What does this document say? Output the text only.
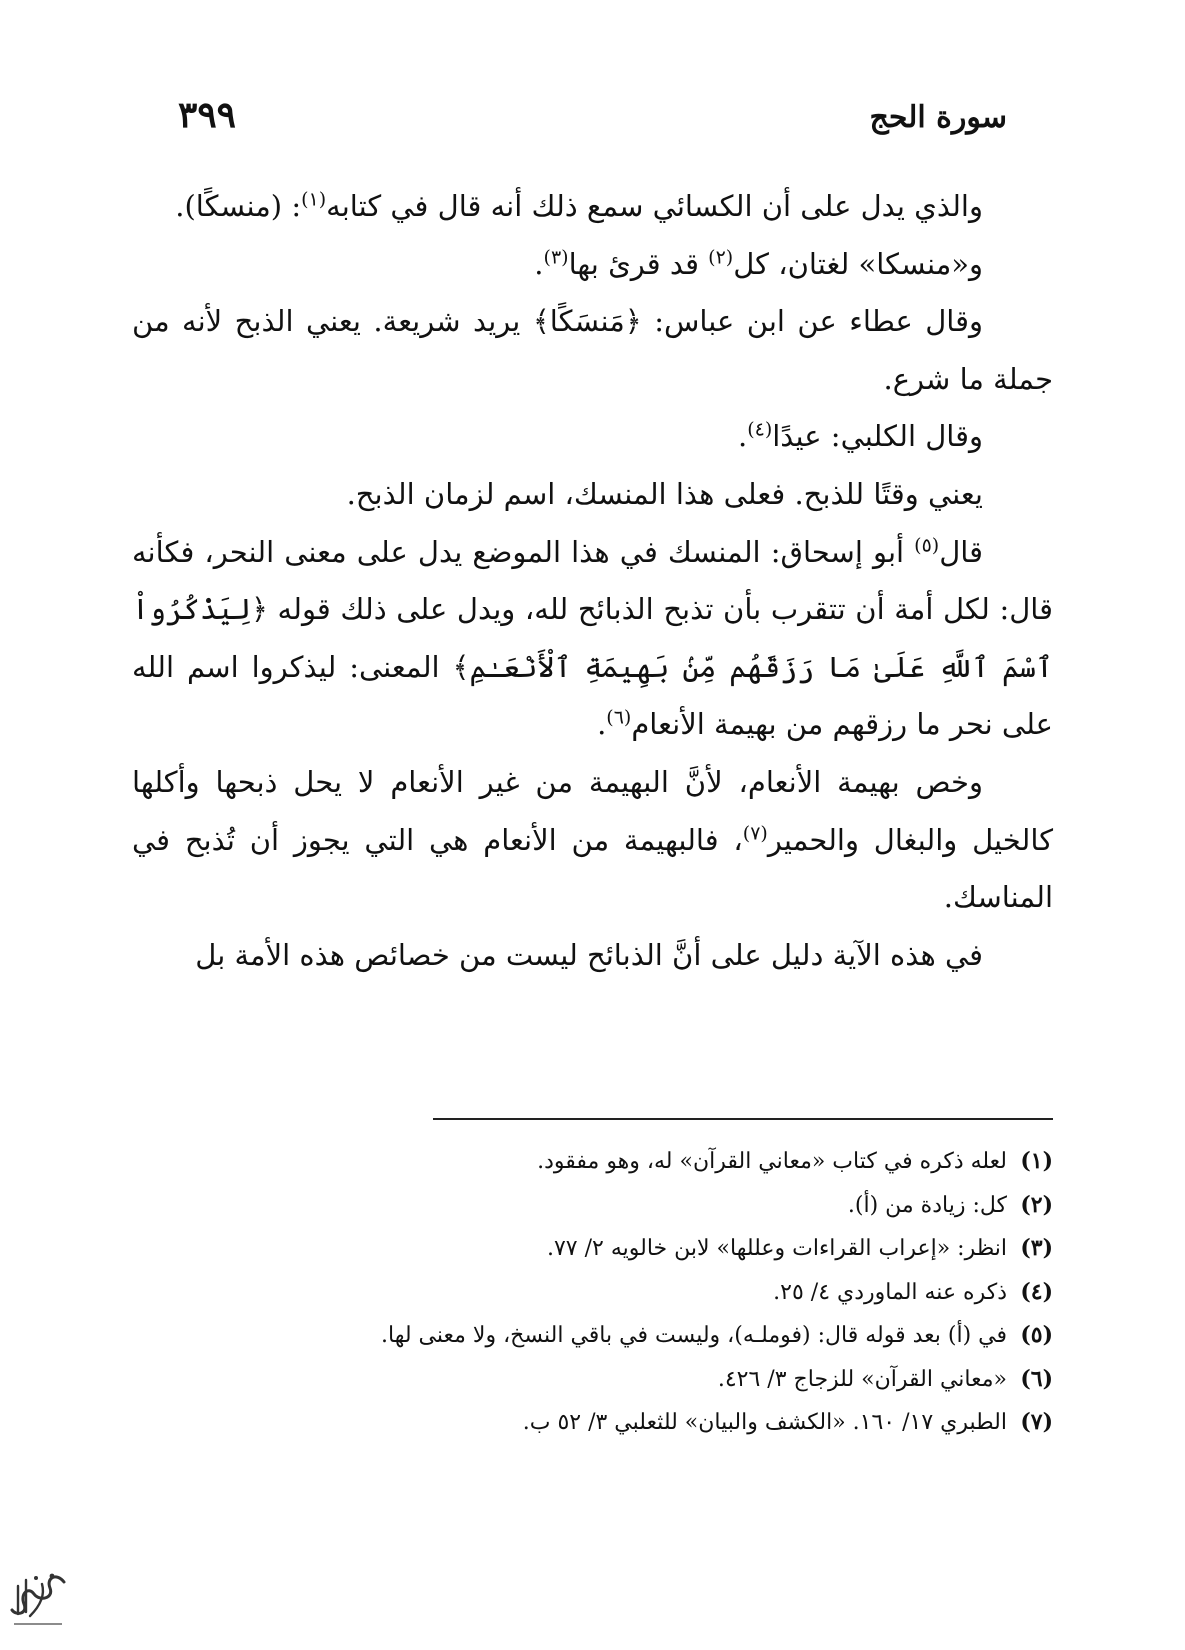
سورة الحج
٣٩٩

والذي يدل على أن الكسائي سمع ذلك أنه قال في كتابه$^{(١)}$: (منسكًا).

و«منسكا» لغتان، كل$^{(٢)}$ قد قرئ بها$^{(٣)}$.

وقال عطاء عن ابن عباس: ﴿مَنسَكًا﴾ يريد شريعة. يعني الذبح لأنه من جملة ما شرع.

وقال الكلبي: عيدًا$^{(٤)}$.

يعني وقتًا للذبح. فعلى هذا المنسك، اسم لزمان الذبح.

قال$^{(٥)}$ أبو إسحاق: المنسك في هذا الموضع يدل على معنى النحر، فكأنه قال: لكل أمة أن تتقرب بأن تذبح الذبائح لله، ويدل على ذلك قوله ﴿لِيَذْكُرُواْ ٱسْمَ ٱللَّهِ عَلَىٰ مَا رَزَقَهُم مِّنۢ بَهِيمَةِ ٱلْأَنْعَـٰمِ﴾ المعنى: ليذكروا اسم الله على نحر ما رزقهم من بهيمة الأنعام$^{(٦)}$.

وخص بهيمة الأنعام، لأنَّ البهيمة من غير الأنعام لا يحل ذبحها وأكلها كالخيل والبغال والحمير$^{(٧)}$، فالبهيمة من الأنعام هي التي يجوز أن تُذبح في المناسك.

في هذه الآية دليل على أنَّ الذبائح ليست من خصائص هذه الأمة بل

(١)لعله ذكره في كتاب «معاني القرآن» له، وهو مفقود.
(٢)كل: زيادة من (أ).
(٣)انظر: «إعراب القراءات وعللها» لابن خالويه ٢/ ٧٧.
(٤)ذكره عنه الماوردي ٤/ ٢٥.
(٥)في (أ) بعد قوله قال: (فوملـه)، وليست في باقي النسخ، ولا معنى لها.
(٦)«معاني القرآن» للزجاج ٣/ ٤٢٦.
(٧)الطبري ١٧/ ١٦٠. «الكشف والبيان» للثعلبي ٣/ ٥٢ ب.
